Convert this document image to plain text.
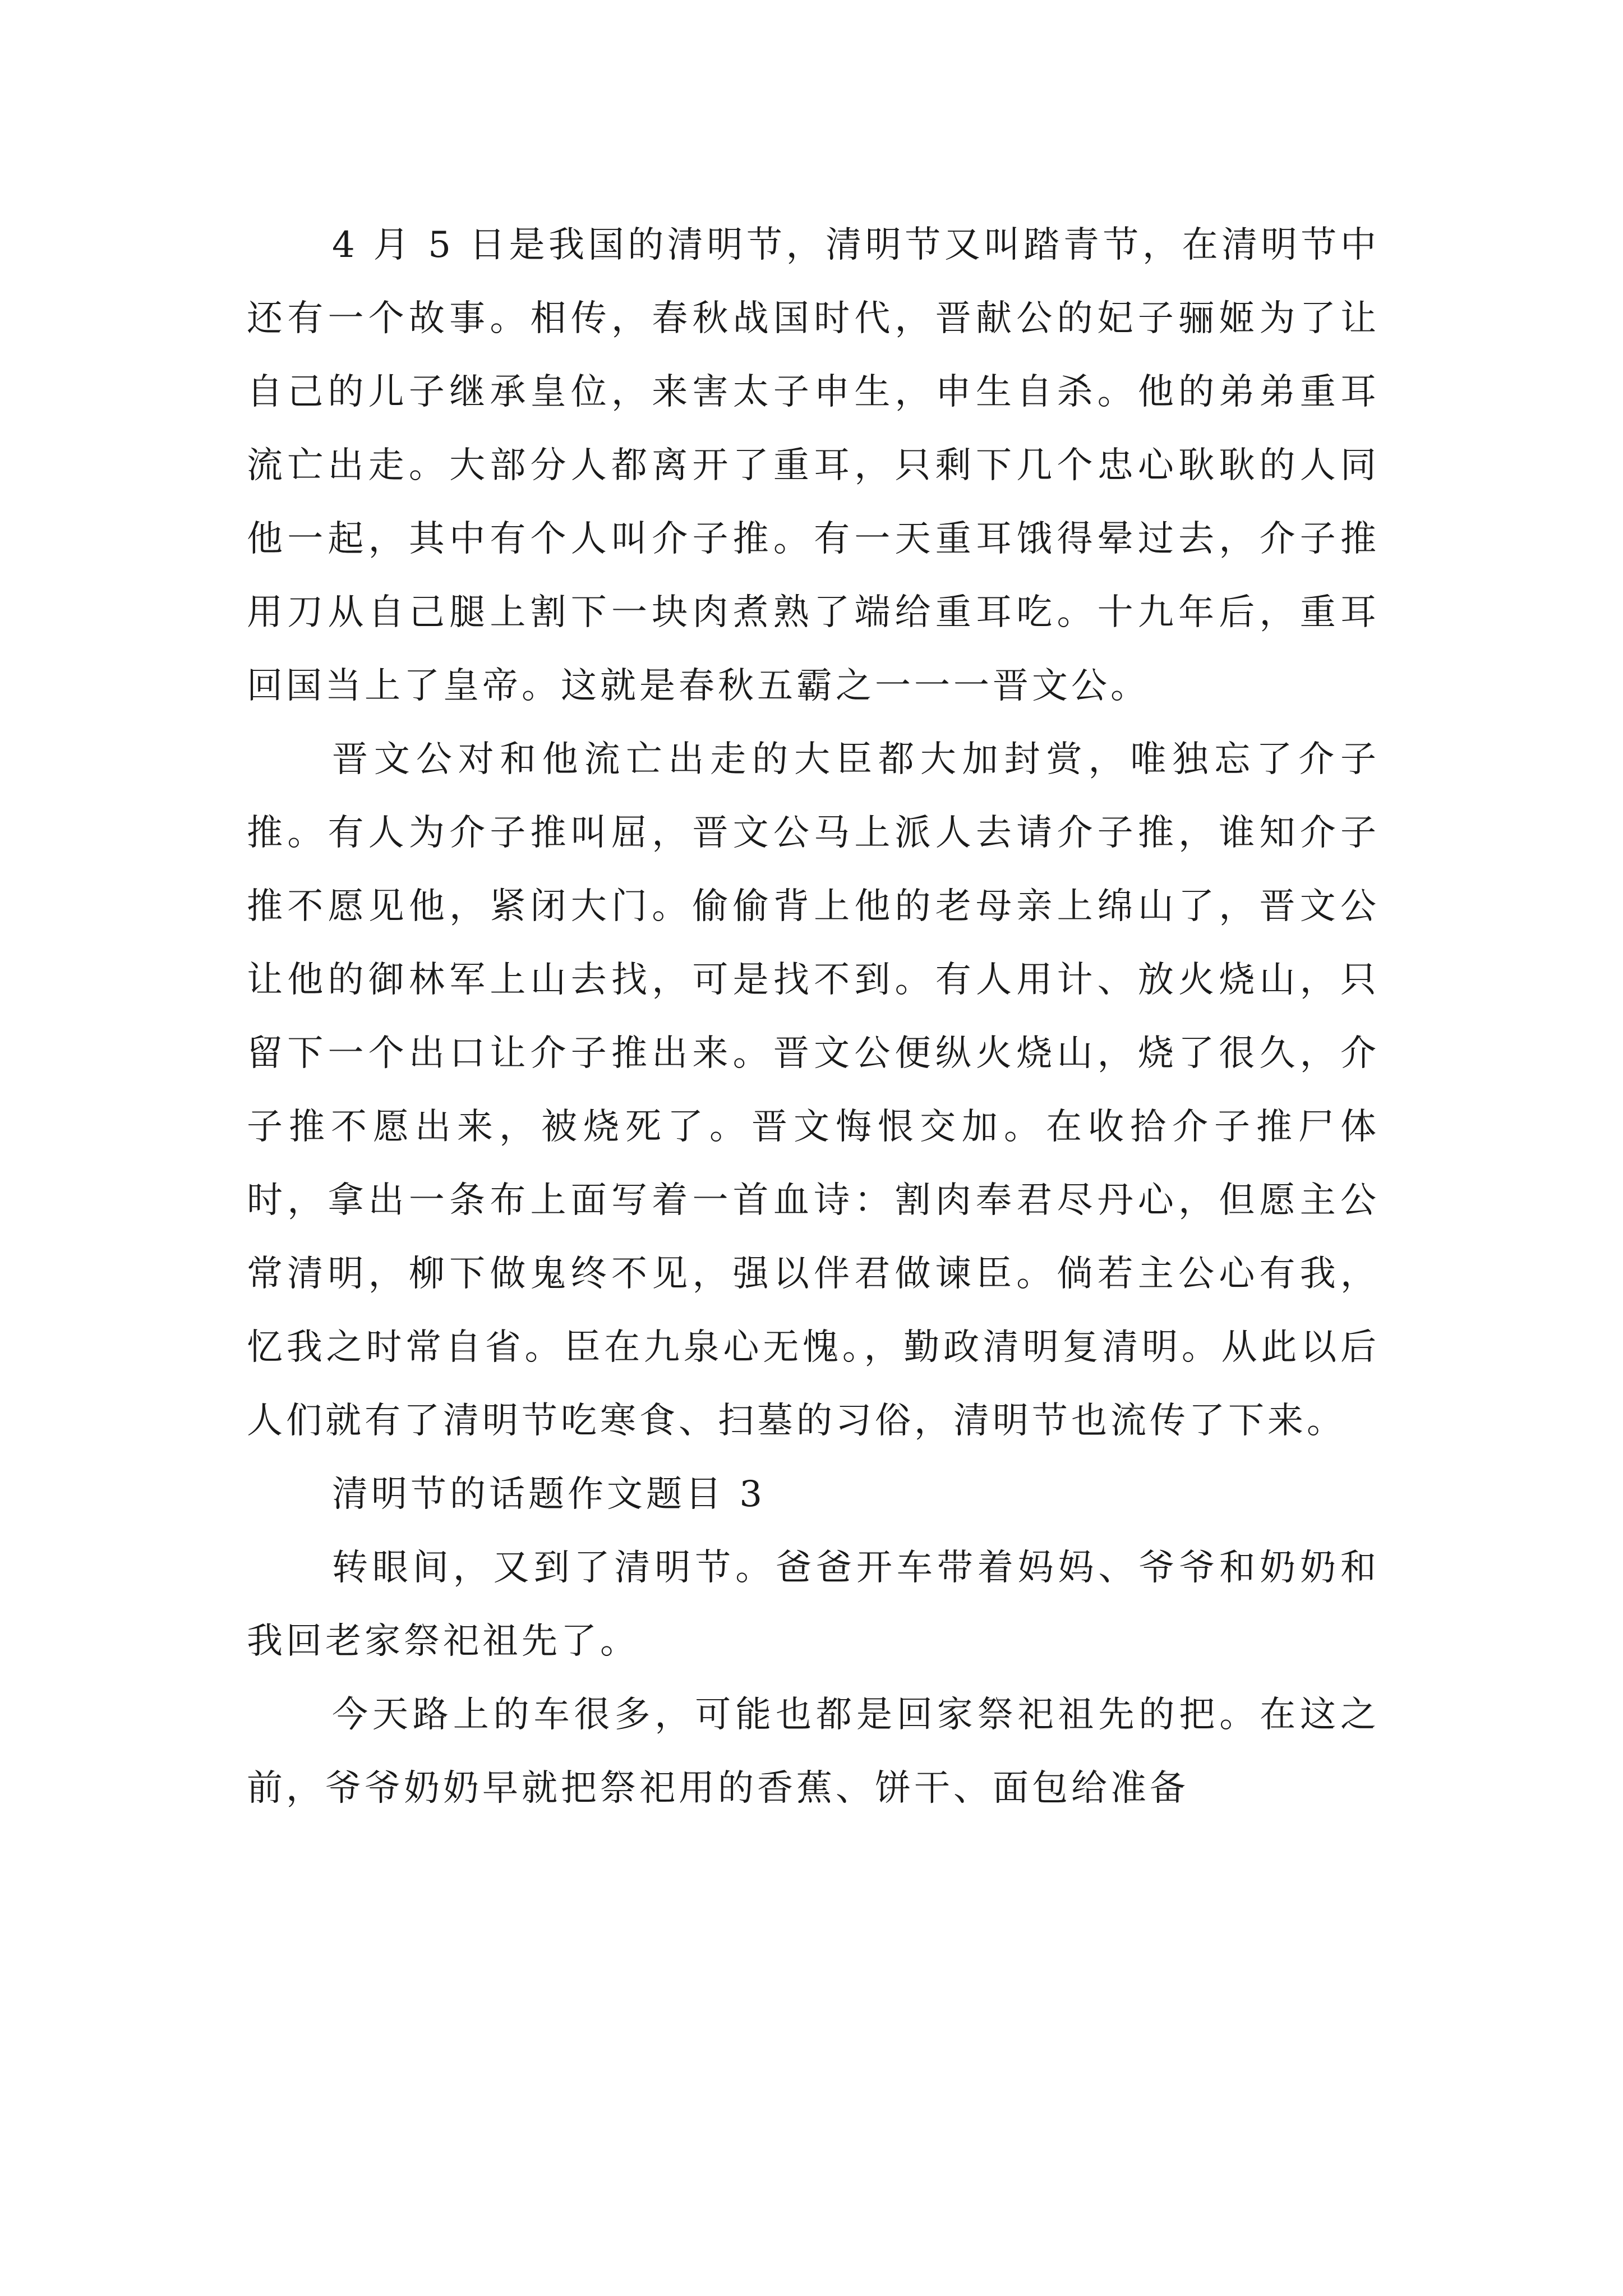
4 月 5 日是我国的清明节，清明节又叫踏青节，在清明节中还有一个故事。相传，春秋战国时代，晋献公的妃子骊姬为了让自己的儿子继承皇位，来害太子申生，申生自杀。他的弟弟重耳流亡出走。大部分人都离开了重耳，只剩下几个忠心耿耿的人同他一起，其中有个人叫介子推。有一天重耳饿得晕过去，介子推用刀从自己腿上割下一块肉煮熟了端给重耳吃。十九年后，重耳回国当上了皇帝。这就是春秋五霸之一一一晋文公。

晋文公对和他流亡出走的大臣都大加封赏，唯独忘了介子推。有人为介子推叫屈，晋文公马上派人去请介子推，谁知介子推不愿见他，紧闭大门。偷偷背上他的老母亲上绵山了，晋文公让他的御林军上山去找，可是找不到。有人用计、放火烧山，只留下一个出口让介子推出来。晋文公便纵火烧山，烧了很久，介子推不愿出来，被烧死了。晋文悔恨交加。在收拾介子推尸体时，拿出一条布上面写着一首血诗：割肉奉君尽丹心，但愿主公常清明，柳下做鬼终不见，强以伴君做谏臣。倘若主公心有我，忆我之时常自省。臣在九泉心无愧。，勤政清明复清明。从此以后人们就有了清明节吃寒食、扫墓的习俗，清明节也流传了下来。

清明节的话题作文题目 3

转眼间，又到了清明节。爸爸开车带着妈妈、爷爷和奶奶和我回老家祭祀祖先了。

今天路上的车很多，可能也都是回家祭祀祖先的把。在这之前，爷爷奶奶早就把祭祀用的香蕉、饼干、面包给准备
